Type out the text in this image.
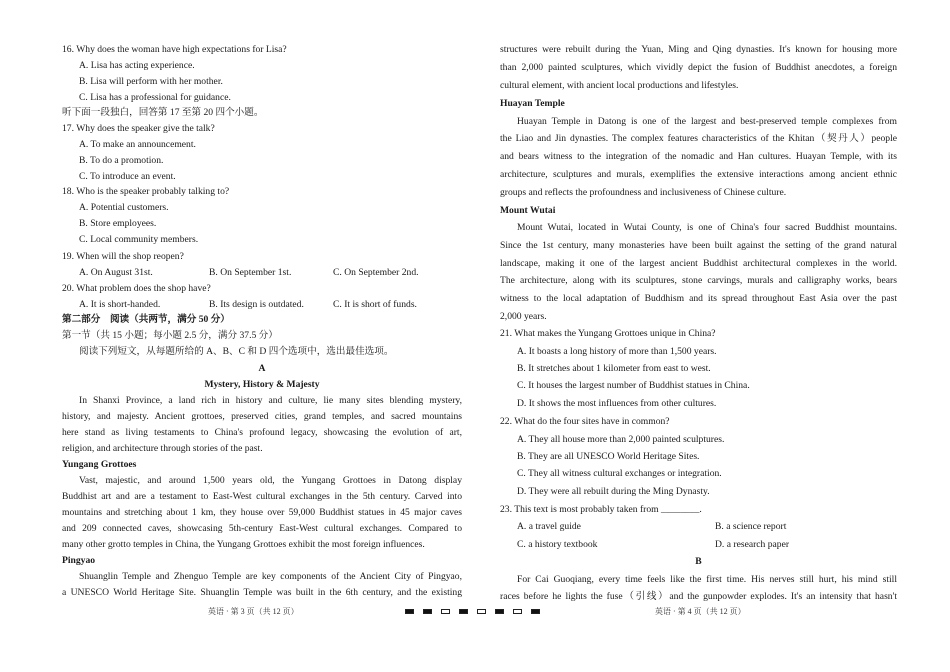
16. Why does the woman have high expectations for Lisa?
A. Lisa has acting experience.
B. Lisa will perform with her mother.
C. Lisa has a professional for guidance.
听下面一段独白，回答第 17 至第 20 四个小题。
17. Why does the speaker give the talk?
A. To make an announcement.
B. To do a promotion.
C. To introduce an event.
18. Who is the speaker probably talking to?
A. Potential customers.
B. Store employees.
C. Local community members.
19. When will the shop reopen?
A. On August 31st.	B. On September 1st.	C. On September 2nd.
20. What problem does the shop have?
A. It is short-handed.	B. Its design is outdated.	C. It is short of funds.
第二部分　阅读（共两节，满分 50 分）
第一节（共 15 小题；每小题 2.5 分，满分 37.5 分）
阅读下列短文，从每题所给的 A、B、C 和 D 四个选项中，选出最佳选项。
A
Mystery, History & Majesty
In Shanxi Province, a land rich in history and culture, lie many sites blending mystery,
history, and majesty. Ancient grottoes, preserved cities, grand temples, and sacred mountains
here stand as living testaments to China's profound legacy, showcasing the evolution of art,
religion, and architecture through stories of the past.
Yungang Grottoes
Vast, majestic, and around 1,500 years old, the Yungang Grottoes in Datong display
Buddhist art and are a testament to East-West cultural exchanges in the 5th century. Carved into
mountains and stretching about 1 km, they house over 59,000 Buddhist statues in 45 major caves
and 209 connected caves, showcasing 5th-century East-West cultural exchanges. Compared to
many other grotto temples in China, the Yungang Grottoes exhibit the most foreign influences.
Pingyao
Shuanglin Temple and Zhenguo Temple are key components of the Ancient City of Pingyao,
a UNESCO World Heritage Site. Shuanglin Temple was built in the 6th century, and the existing
英语 · 第 3 页（共 12 页）
structures were rebuilt during the Yuan, Ming and Qing dynasties. It's known for housing more
than 2,000 painted sculptures, which vividly depict the fusion of Buddhist anecdotes, a foreign
cultural element, with ancient local productions and lifestyles.
Huayan Temple
Huayan Temple in Datong is one of the largest and best-preserved temple complexes from
the Liao and Jin dynasties. The complex features characteristics of the Khitan（契丹人）people
and bears witness to the integration of the nomadic and Han cultures. Huayan Temple, with its
architecture, sculptures and murals, exemplifies the extensive interactions among ancient ethnic
groups and reflects the profoundness and inclusiveness of Chinese culture.
Mount Wutai
Mount Wutai, located in Wutai County, is one of China's four sacred Buddhist mountains.
Since the 1st century, many monasteries have been built against the setting of the grand natural
landscape, making it one of the largest ancient Buddhist architectural complexes in the world.
The architecture, along with its sculptures, stone carvings, murals and calligraphy works, bears
witness to the local adaptation of Buddhism and its spread throughout East Asia over the past
2,000 years.
21. What makes the Yungang Grottoes unique in China?
A. It boasts a long history of more than 1,500 years.
B. It stretches about 1 kilometer from east to west.
C. It houses the largest number of Buddhist statues in China.
D. It shows the most influences from other cultures.
22. What do the four sites have in common?
A. They all house more than 2,000 painted sculptures.
B. They are all UNESCO World Heritage Sites.
C. They all witness cultural exchanges or integration.
D. They were all rebuilt during the Ming Dynasty.
23. This text is most probably taken from ________.
A. a travel guide	B. a science report
C. a history textbook	D. a research paper
B
For Cai Guoqiang, every time feels like the first time. His nerves still hurt, his mind still
races before he lights the fuse（引线）and the gunpowder explodes. It's an intensity that hasn't
英语 · 第 4 页（共 12 页）
